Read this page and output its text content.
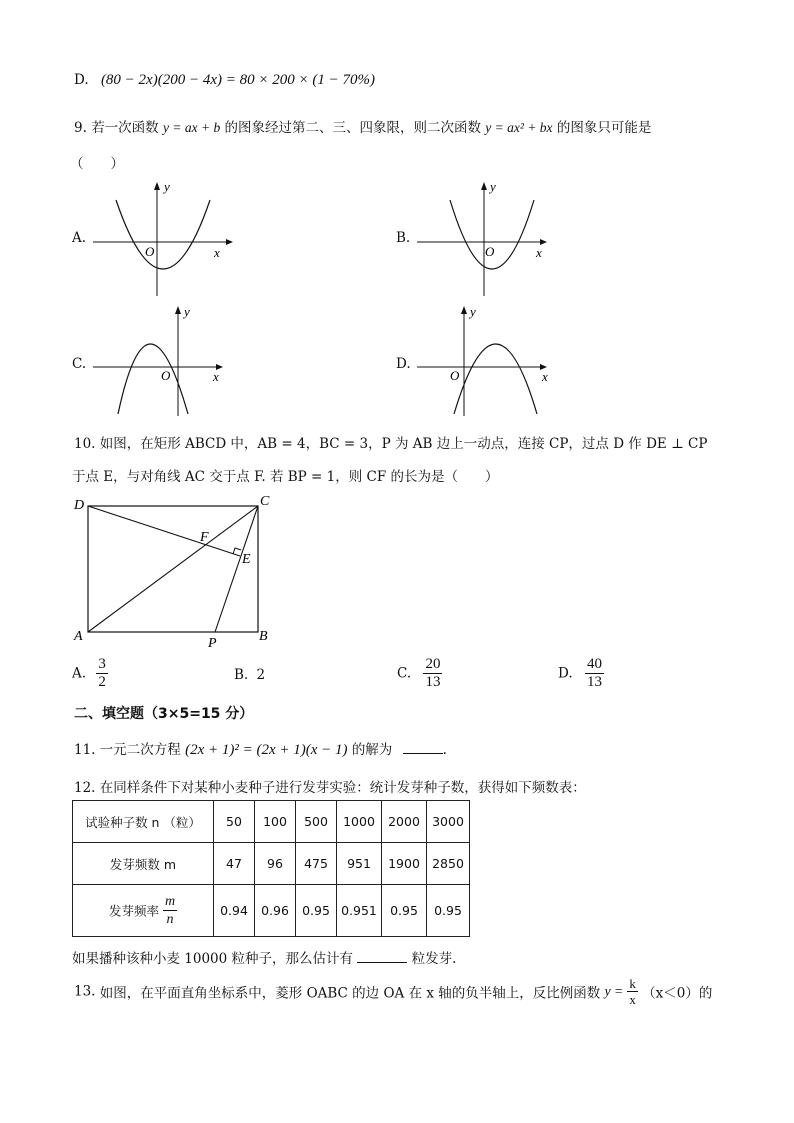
D. (80 − 2x)(200 − 4x) = 80 × 200 × (1 − 70%)
9. 若一次函数 y = ax + b 的图象经过第二、三、四象限，则二次函数 y = ax² + bx 的图象只可能是
（　　）
A.
y
x
O
B.
y
x
O
C.
y
x
O
D.
y
x
O
10. 如图，在矩形 ABCD 中，AB = 4，BC = 3，P 为 AB 边上一动点，连接 CP，过点 D 作 DE ⊥ CP
于点 E，与对角线 AC 交于点 F. 若 BP = 1，则 CF 的长为是（　　）
D	C
F
E
A	P	B
A. $\frac{3}{2}$	B. 2	C. $\frac{20}{13}$	D. $\frac{40}{13}$
二、填空题（3×5=15 分）
11. 一元二次方程 (2x + 1)² = (2x + 1)(x − 1) 的解为	.
12. 在同样条件下对某种小麦种子进行发芽实验：统计发芽种子数，获得如下频数表：
试验种子数 n （粒）	50	100	500	1000	2000	3000
发芽频数 m	47	96	475	951	1900	2850
发芽频率 $\frac{m}{n}$	0.94	0.96	0.95	0.951	0.95	0.95
如果播种该种小麦 10000 粒种子，那么估计有	粒发芽.
13. 如图，在平面直角坐标系中，菱形 OABC 的边 OA 在 x 轴的负半轴上，反比例函数 $y = \frac{k}{x} (x<0)$的
